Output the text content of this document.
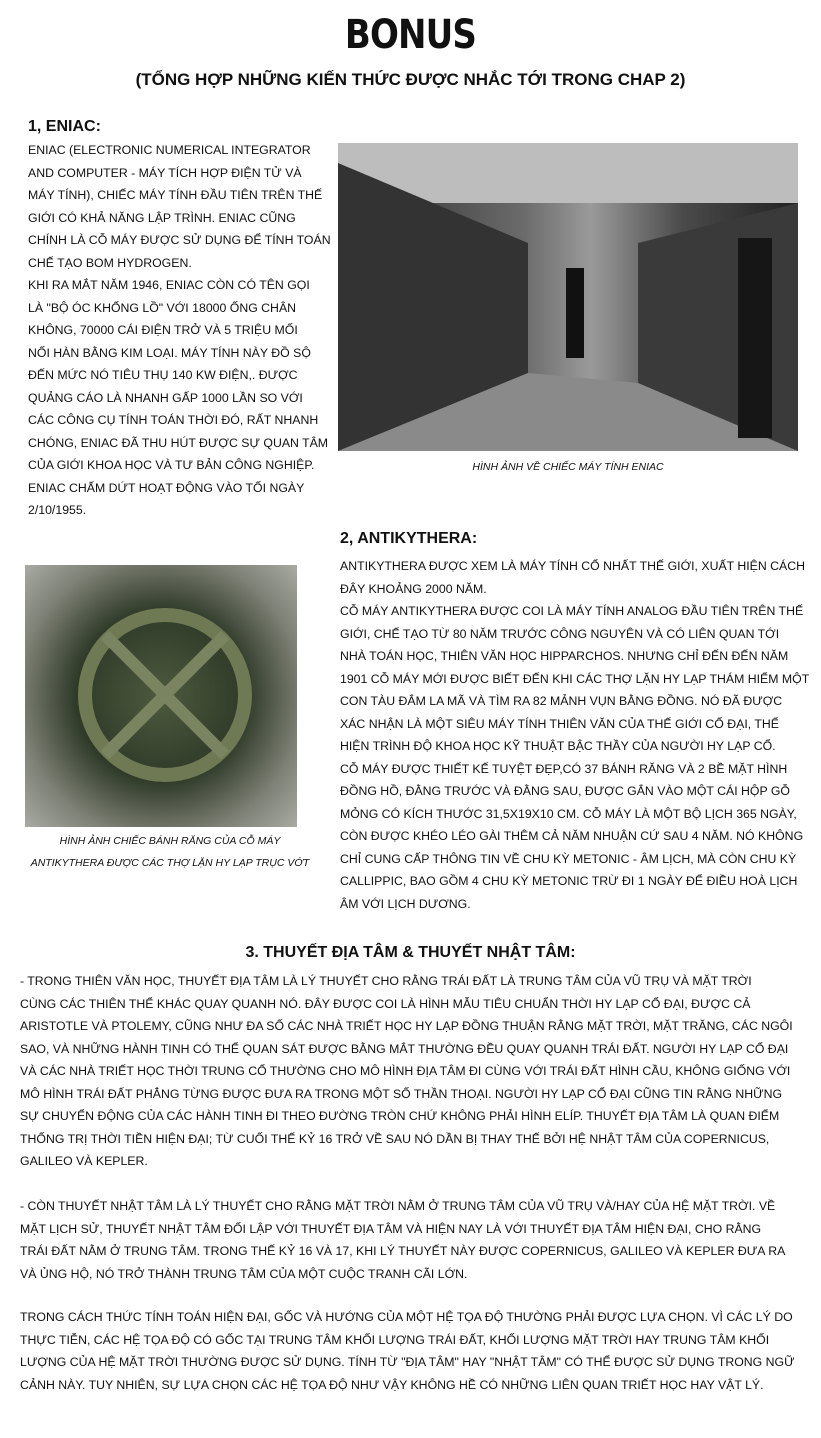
BONUS
(TỔNG HỢP NHỮNG KIẾN THỨC ĐƯỢC NHẮC TỚI TRONG CHAP 2)
1, ENIAC:
ENIAC (ELECTRONIC NUMERICAL INTEGRATOR
AND COMPUTER - MÁY TÍCH HỢP ĐIỆN TỬ VÀ
MÁY TÍNH), CHIẾC MÁY TÍNH ĐẦU TIÊN TRÊN THẾ
GIỚI CÓ KHẢ NĂNG LẬP TRÌNH. ENIAC CŨNG
CHÍNH LÀ CỖ MÁY ĐƯỢC SỬ DỤNG ĐỂ TÍNH TOÁN
CHẾ TẠO BOM HYDROGEN.
KHI RA MẮT NĂM 1946, ENIAC CÒN CÓ TÊN GỌI
LÀ "BỘ ÓC KHỔNG LỒ" VỚI 18000 ỐNG CHÂN
KHÔNG, 70000 CÁI ĐIỆN TRỞ VÀ 5 TRIỆU MỐI
NỐI HÀN BẰNG KIM LOẠI. MÁY TÍNH NÀY ĐỒ SỘ
ĐẾN MỨC NÓ TIÊU THỤ 140 KW ĐIỆN,. ĐƯỢC
QUẢNG CÁO LÀ NHANH GẤP 1000 LẦN SO VỚI
CÁC CÔNG CỤ TÍNH TOÁN THỜI ĐÓ, RẤT NHANH
CHÓNG, ENIAC ĐÃ THU HÚT ĐƯỢC SỰ QUAN TÂM
CỦA GIỚI KHOA HỌC VÀ TƯ BẢN CÔNG NGHIỆP.
ENIAC CHẤM DỨT HOẠT ĐỘNG VÀO TỐI NGÀY
2/10/1955.
HÌNH ẢNH VỀ CHIẾC MÁY TÍNH ENIAC
2, ANTIKYTHERA:
ANTIKYTHERA ĐƯỢC XEM LÀ MÁY TÍNH CỔ NHẤT THẾ GIỚI, XUẤT HIỆN CÁCH
ĐÂY KHOẢNG 2000 NĂM.
CỖ MÁY ANTIKYTHERA ĐƯỢC COI LÀ MÁY TÍNH ANALOG ĐẦU TIÊN TRÊN THẾ
GIỚI, CHẾ TẠO TỪ 80 NĂM TRƯỚC CÔNG NGUYÊN VÀ CÓ LIÊN QUAN TỚI
NHÀ TOÁN HỌC, THIÊN VĂN HỌC HIPPARCHOS. NHƯNG CHỈ ĐẾN ĐẾN NĂM
1901 CỖ MÁY MỚI ĐƯỢC BIẾT ĐẾN KHI CÁC THỢ LẶN HY LẠP THÁM HIỂM MỘT
CON TÀU ĐẮM LA MÃ VÀ TÌM RA 82 MẢNH VỤN BẰNG ĐỒNG. NÓ ĐÃ ĐƯỢC
XÁC NHẬN LÀ MỘT SIÊU MÁY TÍNH THIÊN VĂN CỦA THẾ GIỚI CỔ ĐẠI, THỂ
HIỆN TRÌNH ĐỘ KHOA HỌC KỸ THUẬT BẬC THẦY CỦA NGƯỜI HY LẠP CỔ.
CỖ MÁY ĐƯỢC THIẾT KẾ TUYỆT ĐẸP,CÓ 37 BÁNH RĂNG VÀ 2 BỀ MẶT HÌNH
ĐỒNG HỒ, ĐẰNG TRƯỚC VÀ ĐẰNG SAU, ĐƯỢC GẮN VÀO MỘT CÁI HỘP GỖ
MỎNG CÓ KÍCH THƯỚC 31,5X19X10 CM. CỖ MÁY LÀ MỘT BỘ LỊCH 365 NGÀY,
CÒN ĐƯỢC KHÉO LÉO GÀI THÊM CẢ NĂM NHUẬN CỨ SAU 4 NĂM. NÓ KHÔNG
CHỈ CUNG CẤP THÔNG TIN VỀ CHU KỲ METONIC - ÂM LỊCH, MÀ CÒN CHU KỲ
CALLIPPIC, BAO GỒM 4 CHU KỲ METONIC TRỪ ĐI 1 NGÀY ĐỂ ĐIỀU HOÀ LỊCH
ÂM VỚI LỊCH DƯƠNG.
HÌNH ẢNH CHIẾC BÁNH RĂNG CỦA CỖ MÁY
ANTIKYTHERA ĐƯỢC CÁC THỢ LẶN HY LẠP TRỤC VỚT
3. THUYẾT ĐỊA TÂM & THUYẾT NHẬT TÂM:
- TRONG THIÊN VĂN HỌC, THUYẾT ĐỊA TÂM LÀ LÝ THUYẾT CHO RẰNG TRÁI ĐẤT LÀ TRUNG TÂM CỦA VŨ TRỤ VÀ MẶT TRỜI
CÙNG CÁC THIÊN THỂ KHÁC QUAY QUANH NÓ. ĐÂY ĐƯỢC COI LÀ HÌNH MẪU TIÊU CHUẨN THỜI HY LẠP CỔ ĐẠI, ĐƯỢC CẢ
ARISTOTLE VÀ PTOLEMY, CŨNG NHƯ ĐA SỐ CÁC NHÀ TRIẾT HỌC HY LẠP ĐỒNG THUẬN RẰNG MẶT TRỜI, MẶT TRĂNG, CÁC NGÔI
SAO, VÀ NHỮNG HÀNH TINH CÓ THỂ QUAN SÁT ĐƯỢC BẰNG MẮT THƯỜNG ĐỀU QUAY QUANH TRÁI ĐẤT. NGƯỜI HY LẠP CỔ ĐẠI
VÀ CÁC NHÀ TRIẾT HỌC THỜI TRUNG CỔ THƯỜNG CHO MÔ HÌNH ĐỊA TÂM ĐI CÙNG VỚI TRÁI ĐẤT HÌNH CẦU, KHÔNG GIỐNG VỚI
MÔ HÌNH TRÁI ĐẤT PHẲNG TỪNG ĐƯỢC ĐƯA RA TRONG MỘT SỐ THẦN THOẠI. NGƯỜI HY LẠP CỔ ĐẠI CŨNG TIN RẰNG NHỮNG
SỰ CHUYỂN ĐỘNG CỦA CÁC HÀNH TINH ĐI THEO ĐƯỜNG TRÒN CHỨ KHÔNG PHẢI HÌNH ELÍP. THUYẾT ĐỊA TÂM LÀ QUAN ĐIỂM
THỐNG TRỊ THỜI TIỀN HIỆN ĐẠI; TỪ CUỐI THẾ KỶ 16 TRỞ VỀ SAU NÓ DẦN BỊ THAY THẾ BỞI HỆ NHẬT TÂM CỦA COPERNICUS,
GALILEO VÀ KEPLER.
- CÒN THUYẾT NHẬT TÂM LÀ LÝ THUYẾT CHO RẰNG MẶT TRỜI NẰM Ở TRUNG TÂM CỦA VŨ TRỤ VÀ/HAY CỦA HỆ MẶT TRỜI. VỀ
MẶT LỊCH SỬ, THUYẾT NHẬT TÂM ĐỐI LẬP VỚI THUYẾT ĐỊA TÂM VÀ HIỆN NAY LÀ VỚI THUYẾT ĐỊA TÂM HIỆN ĐẠI, CHO RẰNG
TRÁI ĐẤT NẰM Ở TRUNG TÂM. TRONG THẾ KỶ 16 VÀ 17, KHI LÝ THUYẾT NÀY ĐƯỢC COPERNICUS, GALILEO VÀ KEPLER ĐƯA RA
VÀ ỦNG HỘ, NÓ TRỞ THÀNH TRUNG TÂM CỦA MỘT CUỘC TRANH CÃI LỚN.
TRONG CÁCH THỨC TÍNH TOÁN HIỆN ĐẠI, GỐC VÀ HƯỚNG CỦA MỘT HỆ TỌA ĐỘ THƯỜNG PHẢI ĐƯỢC LỰA CHỌN. VÌ CÁC LÝ DO
THỰC TIỄN, CÁC HỆ TỌA ĐỘ CÓ GỐC TẠI TRUNG TÂM KHỐI LƯỢNG TRÁI ĐẤT, KHỐI LƯỢNG MẶT TRỜI HAY TRUNG TÂM KHỐI
LƯỢNG CỦA HỆ MẶT TRỜI THƯỜNG ĐƯỢC SỬ DỤNG. TÍNH TỪ "ĐỊA TÂM" HAY "NHẬT TÂM" CÓ THỂ ĐƯỢC SỬ DỤNG TRONG NGỮ
CẢNH NÀY. TUY NHIÊN, SỰ LỰA CHỌN CÁC HỆ TỌA ĐỘ NHƯ VẬY KHÔNG HỀ CÓ NHỮNG LIÊN QUAN TRIẾT HỌC HAY VẬT LÝ.
